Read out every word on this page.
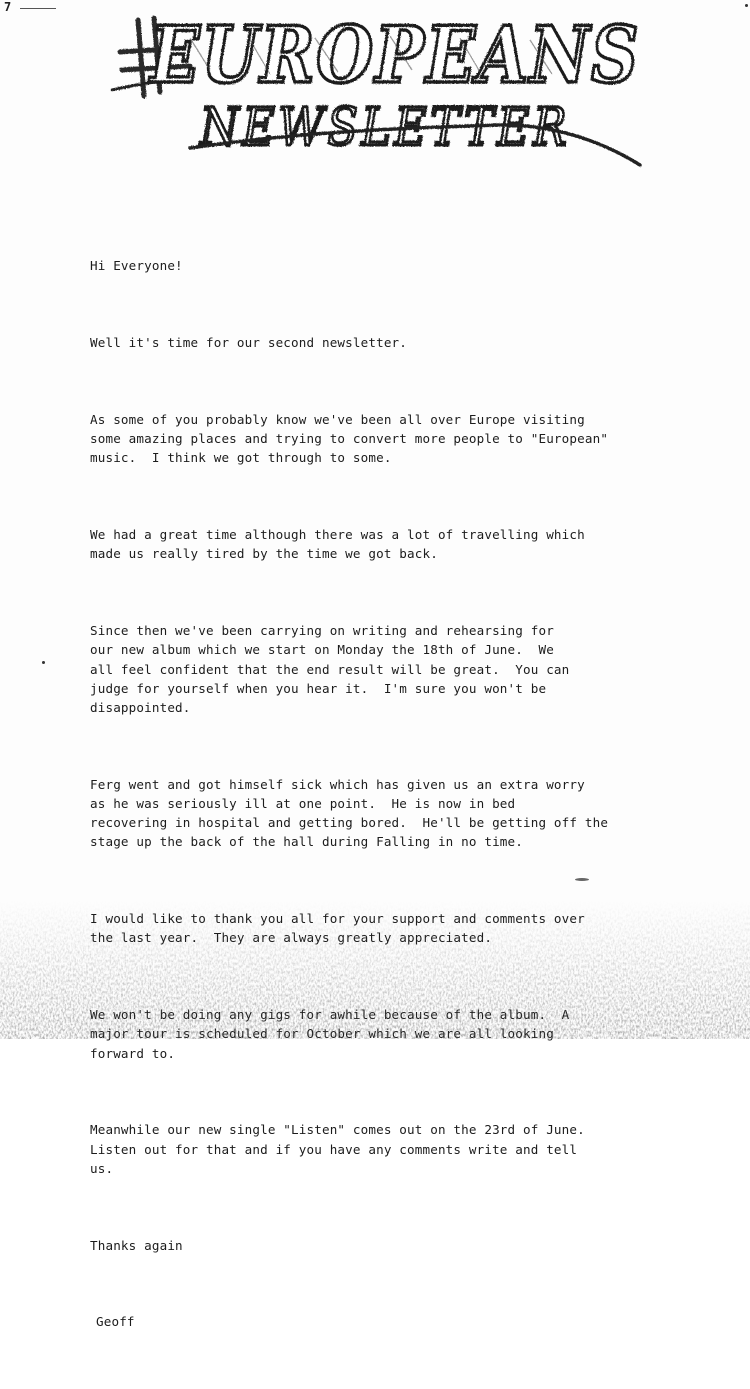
7
EUROPEANS
NEWSLETTER

Hi Everyone!

Well it's time for our second newsletter.

As some of you probably know we've been all over Europe visiting
some amazing places and trying to convert more people to "European"
music.  I think we got through to some.

We had a great time although there was a lot of travelling which
made us really tired by the time we got back.

Since then we've been carrying on writing and rehearsing for
our new album which we start on Monday the 18th of June.  We
all feel confident that the end result will be great.  You can
judge for yourself when you hear it.  I'm sure you won't be
disappointed.

Ferg went and got himself sick which has given us an extra worry
as he was seriously ill at one point.  He is now in bed
recovering in hospital and getting bored.  He'll be getting off the
stage up the back of the hall during Falling in no time.

forward to.

Meanwhile our new single "Listen" comes out on the 23rd of June.
Listen out for that and if you have any comments write and tell
us.

Thanks again

Geoff
